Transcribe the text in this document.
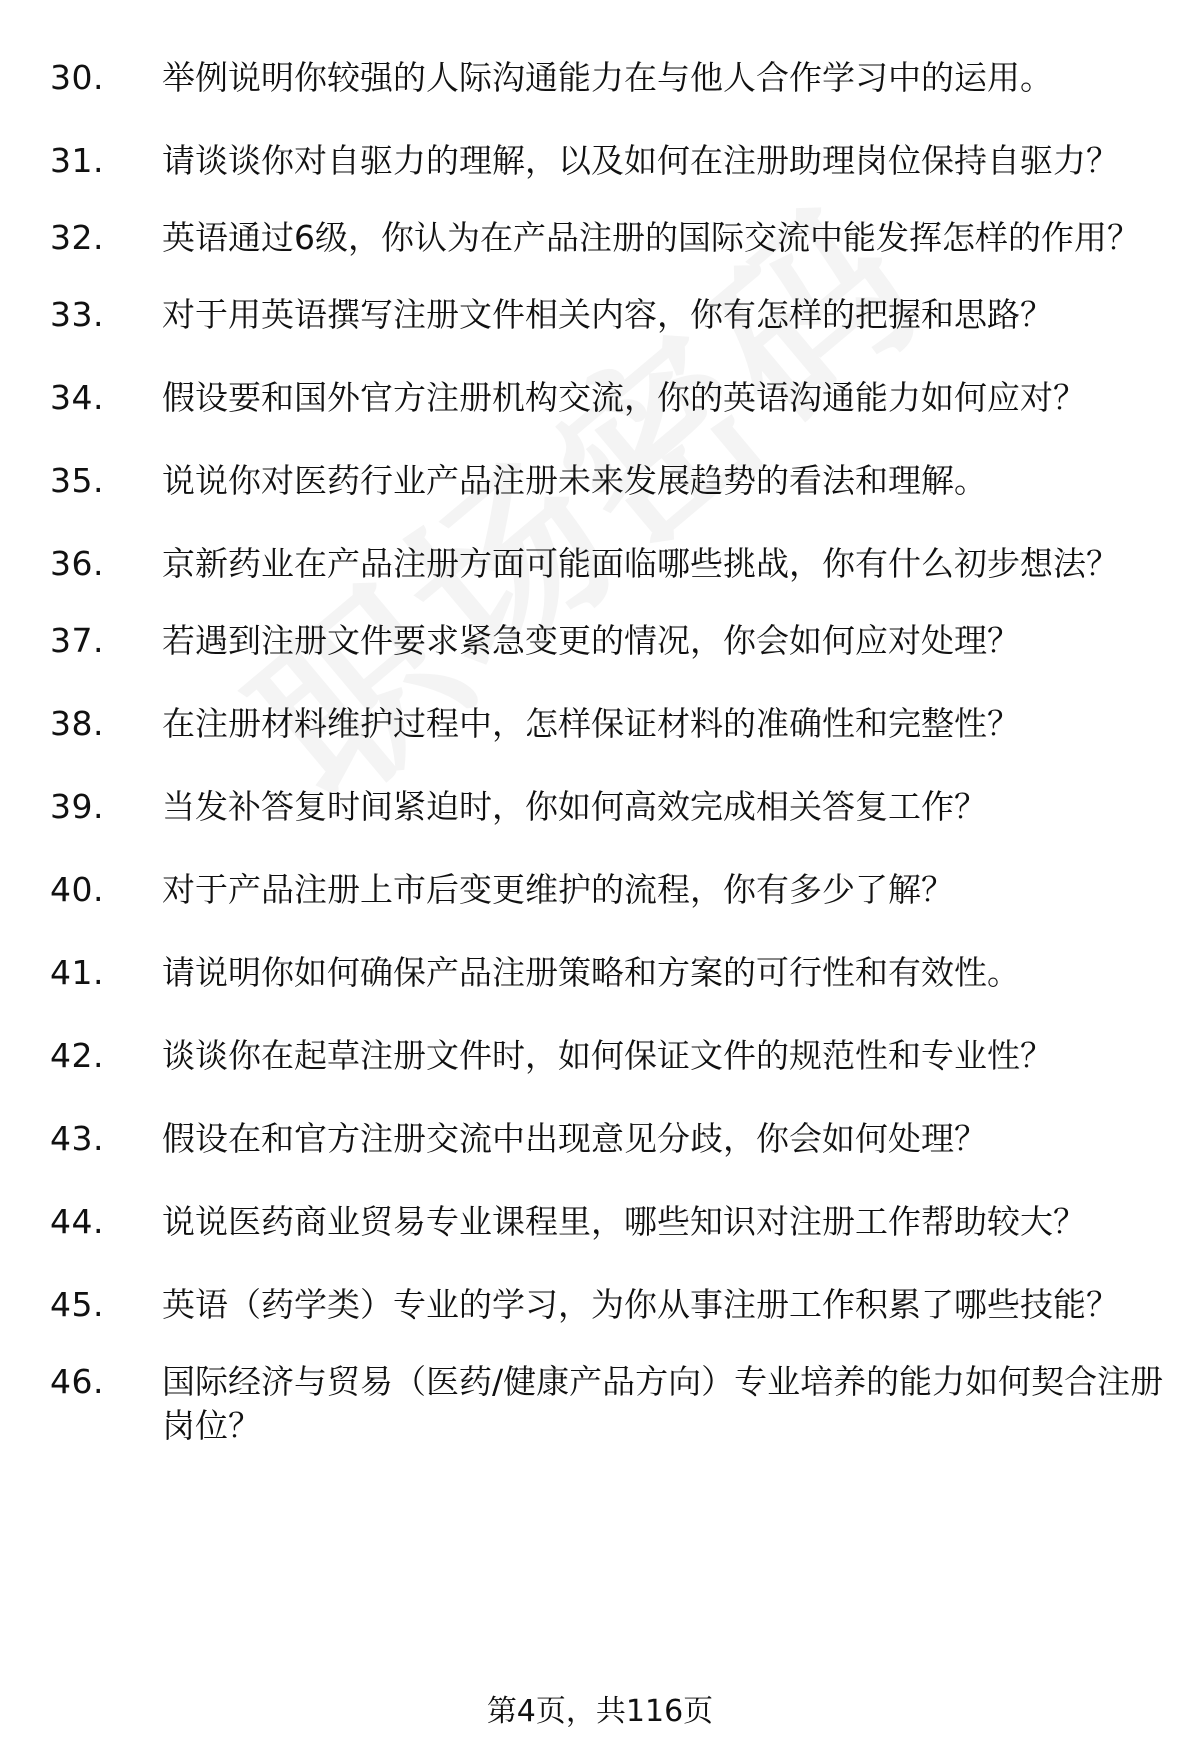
30.	举例说明你较强的人际沟通能力在与他人合作学习中的运用。
31.	请谈谈你对自驱力的理解，以及如何在注册助理岗位保持自驱力？
32.	英语通过6级，你认为在产品注册的国际交流中能发挥怎样的作用？
33.	对于用英语撰写注册文件相关内容，你有怎样的把握和思路？
34.	假设要和国外官方注册机构交流，你的英语沟通能力如何应对？
35.	说说你对医药行业产品注册未来发展趋势的看法和理解。
36.	京新药业在产品注册方面可能面临哪些挑战，你有什么初步想法？
37.	若遇到注册文件要求紧急变更的情况，你会如何应对处理？
38.	在注册材料维护过程中，怎样保证材料的准确性和完整性？
39.	当发补答复时间紧迫时，你如何高效完成相关答复工作？
40.	对于产品注册上市后变更维护的流程，你有多少了解？
41.	请说明你如何确保产品注册策略和方案的可行性和有效性。
42.	谈谈你在起草注册文件时，如何保证文件的规范性和专业性？
43.	假设在和官方注册交流中出现意见分歧，你会如何处理？
44.	说说医药商业贸易专业课程里，哪些知识对注册工作帮助较大？
45.	英语（药学类）专业的学习，为你从事注册工作积累了哪些技能？
46.	国际经济与贸易（医药/健康产品方向）专业培养的能力如何契合注册岗位？
第4页，共116页
